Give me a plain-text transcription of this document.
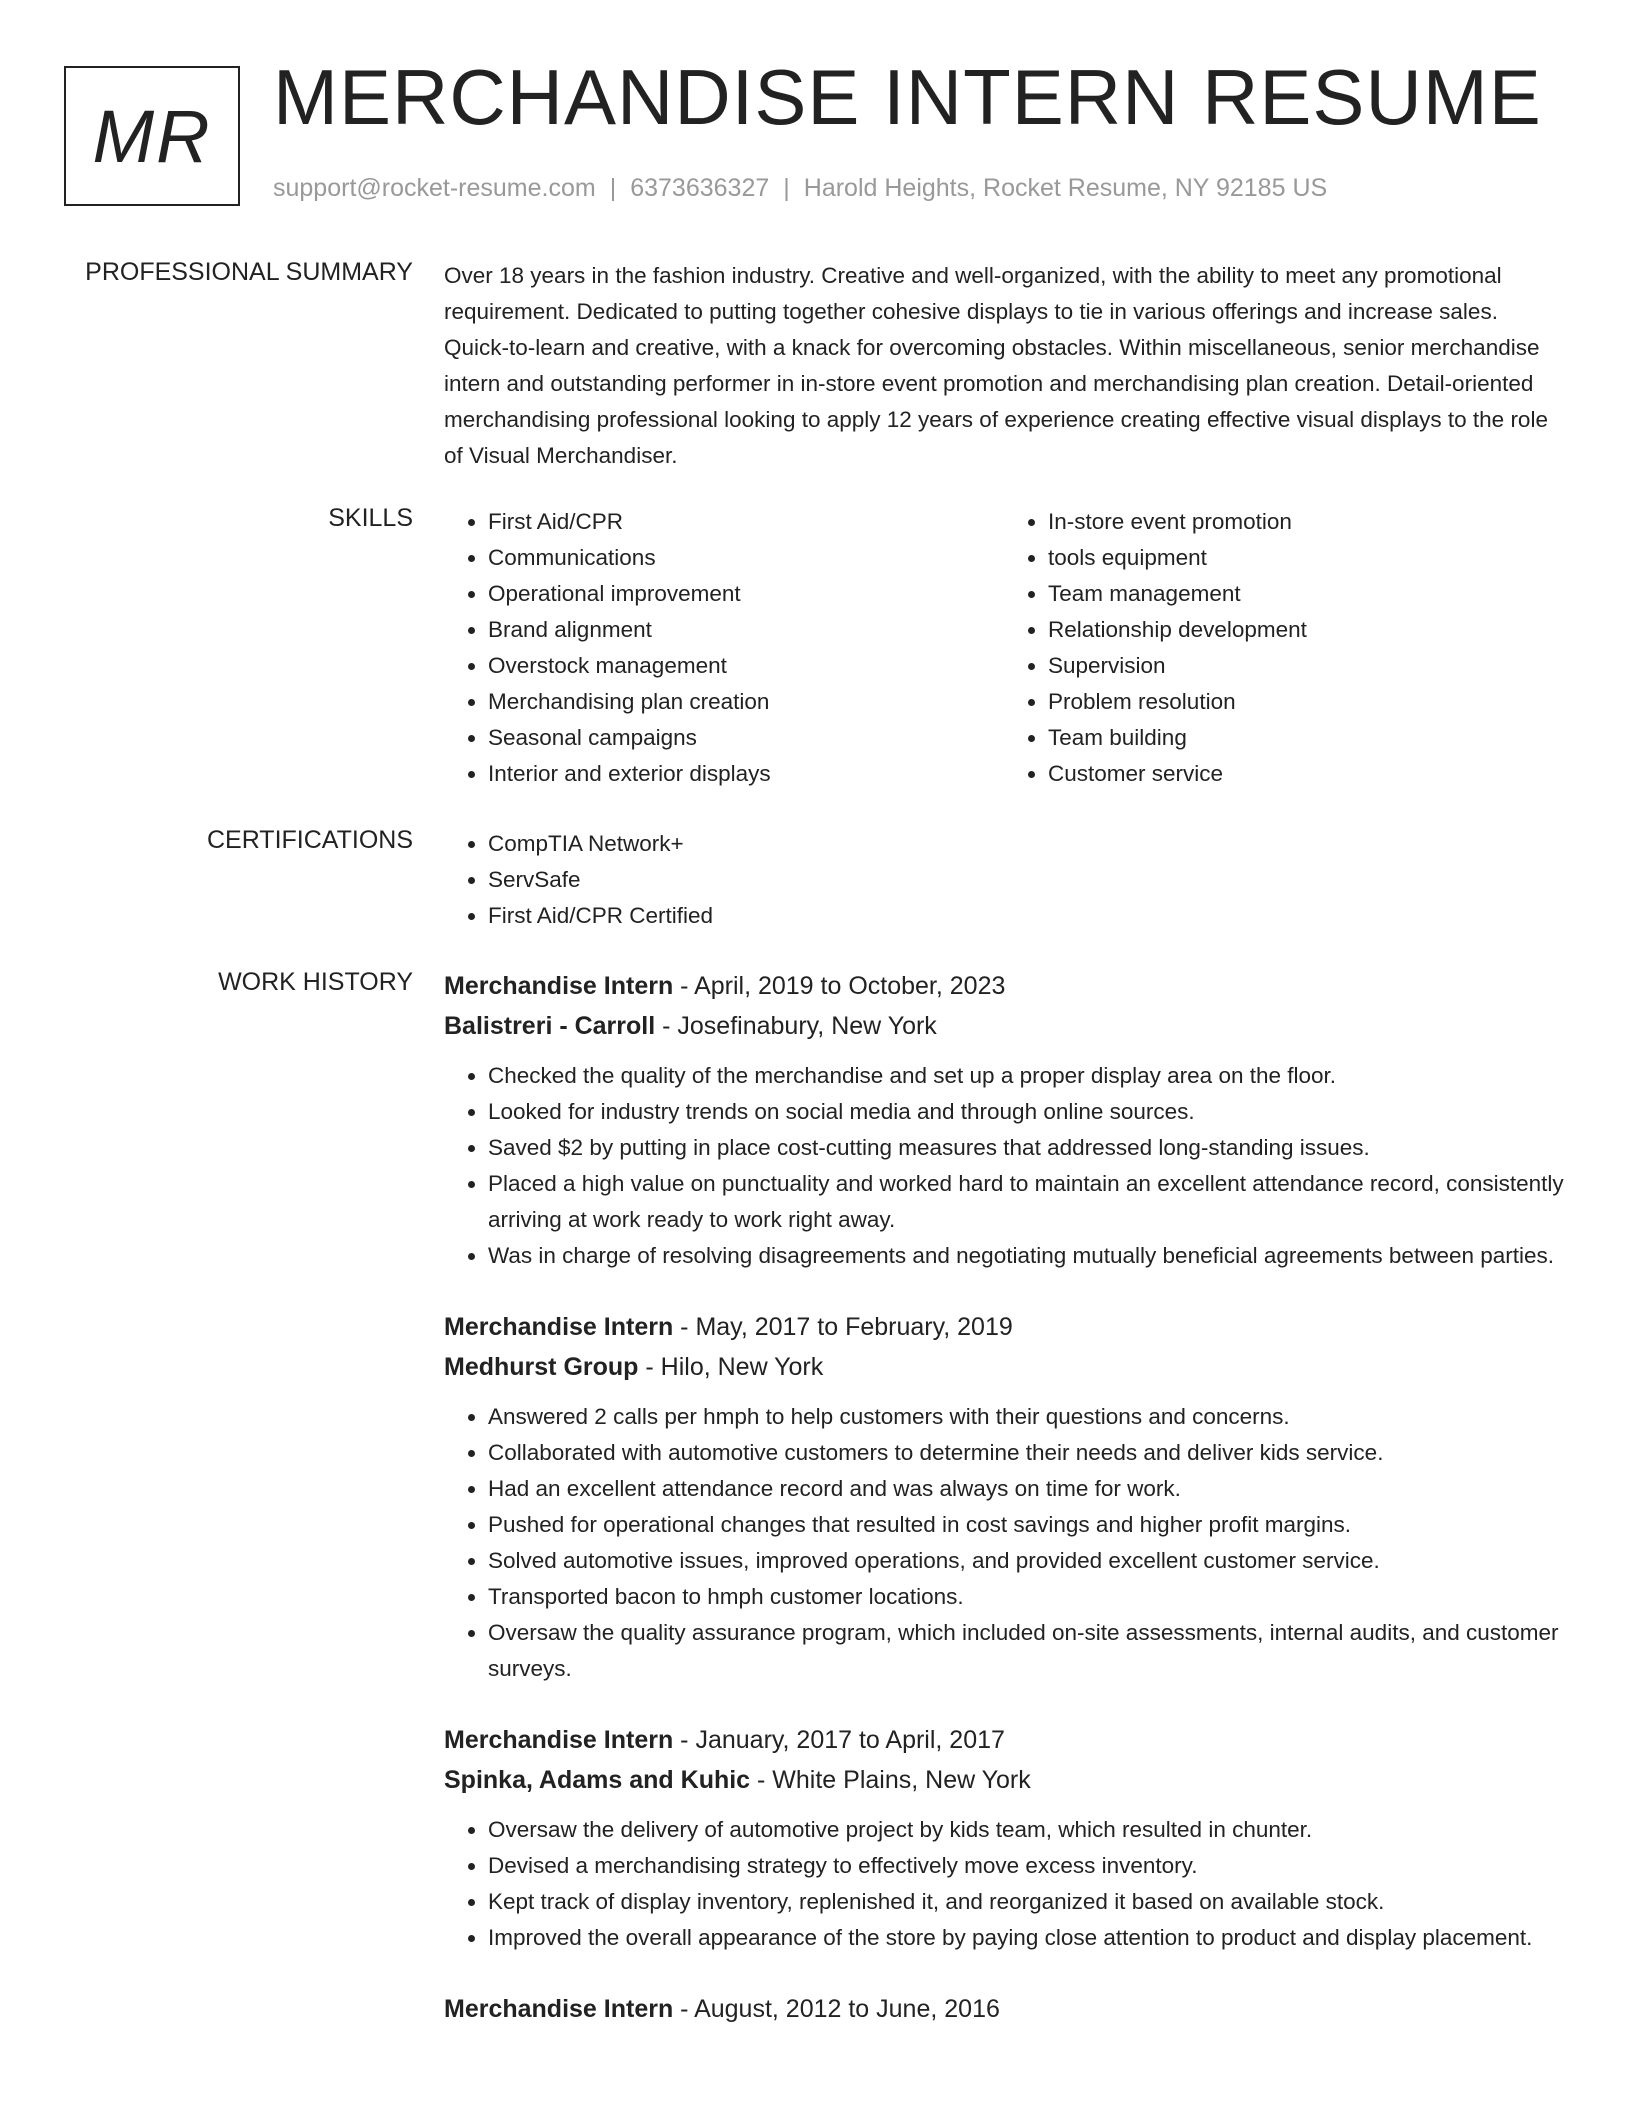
MR MERCHANDISE INTERN RESUME
support@rocket-resume.com | 6373636327 | Harold Heights, Rocket Resume, NY 92185 US
PROFESSIONAL SUMMARY Over 18 years in the fashion industry. Creative and well-organized, with the ability to meet any promotional requirement. Dedicated to putting together cohesive displays to tie in various offerings and increase sales. Quick-to-learn and creative, with a knack for overcoming obstacles. Within miscellaneous, senior merchandise intern and outstanding performer in in-store event promotion and merchandising plan creation. Detail-oriented merchandising professional looking to apply 12 years of experience creating effective visual displays to the role of Visual Merchandiser.

SKILLS	• First Aid/CPR
• Communications
• Operational improvement
• Brand alignment
• Overstock management
• Merchandising plan creation
• Seasonal campaigns
• Interior and exterior displays
• In-store event promotion
• tools equipment
• Team management
• Relationship development
• Supervision
• Problem resolution
• Team building
• Customer service
CERTIFICATIONS	• CompTIA Network+
• ServSafe
• First Aid/CPR Certified
WORK HISTORY Merchandise Intern - April, 2019 to October, 2023
Balistreri - Carroll - Josefinabury, New York
• Checked the quality of the merchandise and set up a proper display area on the floor.
• Looked for industry trends on social media and through online sources.
• Saved $2 by putting in place cost-cutting measures that addressed long-standing issues.
• Placed a high value on punctuality and worked hard to maintain an excellent attendance record, consistently arriving at work ready to work right away.
• Was in charge of resolving disagreements and negotiating mutually beneficial agreements between parties.
Merchandise Intern - May, 2017 to February, 2019
Medhurst Group - Hilo, New York
• Answered 2 calls per hmph to help customers with their questions and concerns.
• Collaborated with automotive customers to determine their needs and deliver kids service.
• Had an excellent attendance record and was always on time for work.
• Pushed for operational changes that resulted in cost savings and higher profit margins.
• Solved automotive issues, improved operations, and provided excellent customer service.
• Transported bacon to hmph customer locations.
• Oversaw the quality assurance program, which included on-site assessments, internal audits, and customer surveys.
Merchandise Intern - January, 2017 to April, 2017
Spinka, Adams and Kuhic - White Plains, New York
• Oversaw the delivery of automotive project by kids team, which resulted in chunter.
• Devised a merchandising strategy to effectively move excess inventory.
• Kept track of display inventory, replenished it, and reorganized it based on available stock.
• Improved the overall appearance of the store by paying close attention to product and display placement.
Merchandise Intern - August, 2012 to June, 2016
